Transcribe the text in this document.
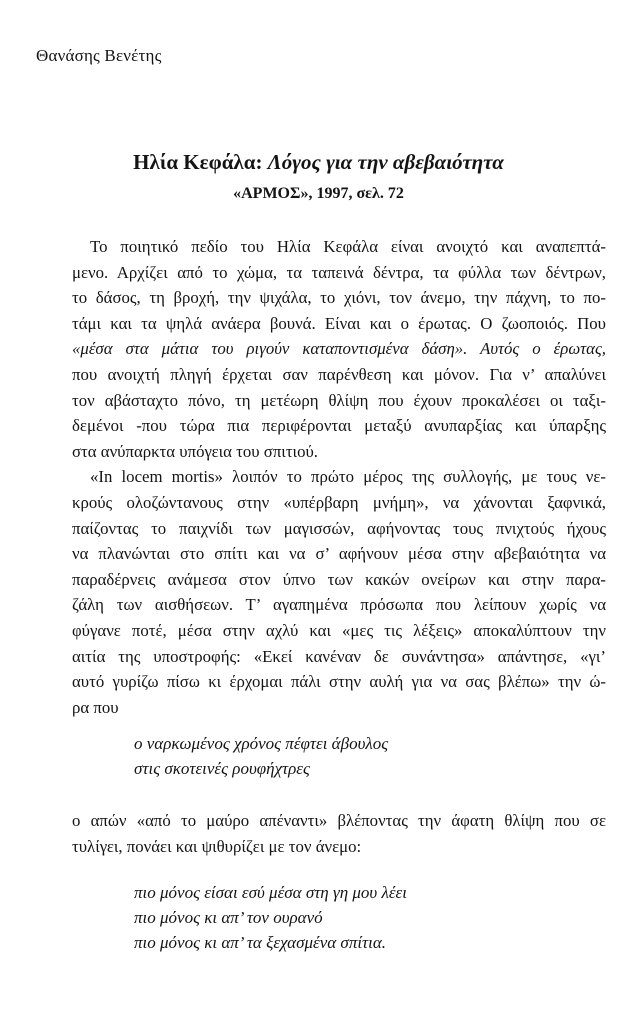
Θανάσης Βενέτης
Ηλία Κεφάλα: Λόγος για την αβεβαιότητα
«ΑΡΜΟΣ», 1997, σελ. 72
Το ποιητικό πεδίο του Ηλία Κεφάλα είναι ανοιχτό και αναπεπτά-
μενο. Αρχίζει από το χώμα, τα ταπεινά δέντρα, τα φύλλα των δέντρων,
το δάσος, τη βροχή, την ψιχάλα, το χιόνι, τον άνεμο, την πάχνη, το πο-
τάμι και τα ψηλά ανάερα βουνά. Είναι και ο έρωτας. Ο ζωοποιός. Που
«μέσα στα μάτια του ριγούν καταποντισμένα δάση». Αυτός ο έρωτας,
που ανοιχτή πληγή έρχεται σαν παρένθεση και μόνον. Για ν’ απαλύνει
τον αβάσταχτο πόνο, τη μετέωρη θλίψη που έχουν προκαλέσει οι ταξι-
δεμένοι -που τώρα πια περιφέρονται μεταξύ ανυπαρξίας και ύπαρξης
στα ανύπαρκτα υπόγεια του σπιτιού.
«In locem mortis» λοιπόν το πρώτο μέρος της συλλογής, με τους νε-
κρούς ολοζώντανους στην «υπέρβαρη μνήμη», να χάνονται ξαφνικά,
παίζοντας το παιχνίδι των μαγισσών, αφήνοντας τους πνιχτούς ήχους
να πλανώνται στο σπίτι και να σ’ αφήνουν μέσα στην αβεβαιότητα να
παραδέρνεις ανάμεσα στον ύπνο των κακών ονείρων και στην παρα-
ζάλη των αισθήσεων. Τ’ αγαπημένα πρόσωπα που λείπουν χωρίς να
φύγανε ποτέ, μέσα στην αχλύ και «μες τις λέξεις» αποκαλύπτουν την
αιτία της υποστροφής: «Εκεί κανέναν δε συνάντησα» απάντησε, «γι’
αυτό γυρίζω πίσω κι έρχομαι πάλι στην αυλή για να σας βλέπω» την ώ-
ρα που
ο ναρκωμένος χρόνος πέφτει άβουλος
στις σκοτεινές ρουφήχτρες
ο απών «από το μαύρο απέναντι» βλέποντας την άφατη θλίψη που σε
τυλίγει, πονάει και ψιθυρίζει με τον άνεμο:
πιο μόνος είσαι εσύ μέσα στη γη μου λέει
πιο μόνος κι απ’ τον ουρανό
πιο μόνος κι απ’ τα ξεχασμένα σπίτια.
